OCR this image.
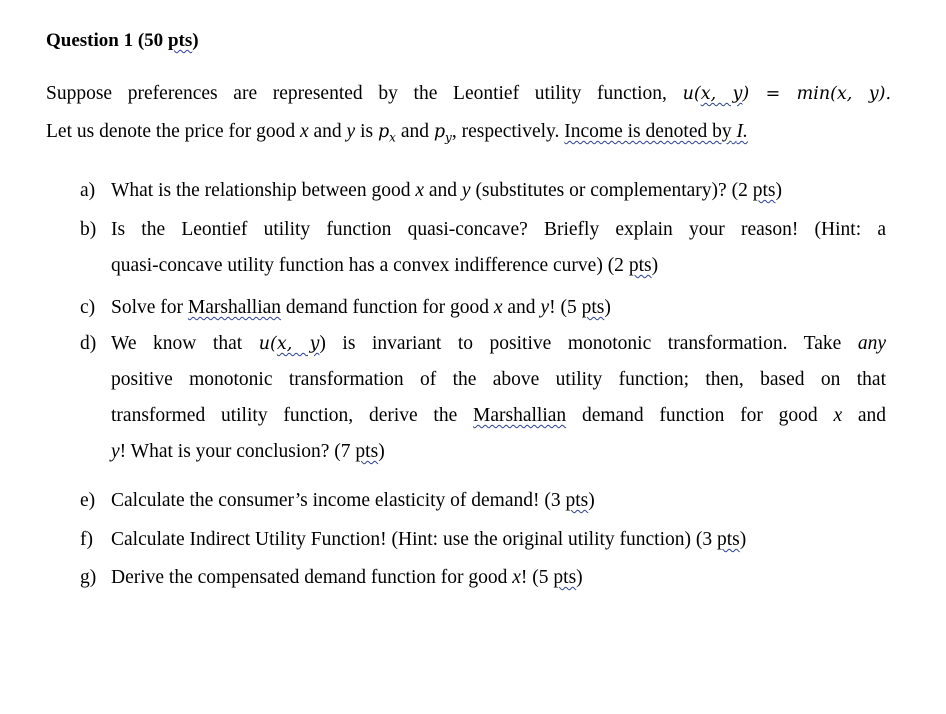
Question 1 (50 pts)
Suppose preferences are represented by the Leontief utility function, u(x, y) = min(x, y).
Let us denote the price for good x and y is $p_x$ and $p_y$, respectively. Income is denoted by I.
a) What is the relationship between good x and y (substitutes or complementary)? (2 pts)
b) Is the Leontief utility function quasi-concave? Briefly explain your reason! (Hint: a
quasi-concave utility function has a convex indifference curve) (2 pts)
c) Solve for Marshallian demand function for good x and y! (5 pts)
d) We know that u(x, y) is invariant to positive monotonic transformation. Take any
positive monotonic transformation of the above utility function; then, based on that
transformed utility function, derive the Marshallian demand function for good x and
y! What is your conclusion? (7 pts)
e) Calculate the consumer’s income elasticity of demand! (3 pts)
f) Calculate Indirect Utility Function! (Hint: use the original utility function) (3 pts)
g) Derive the compensated demand function for good x! (5 pts)
